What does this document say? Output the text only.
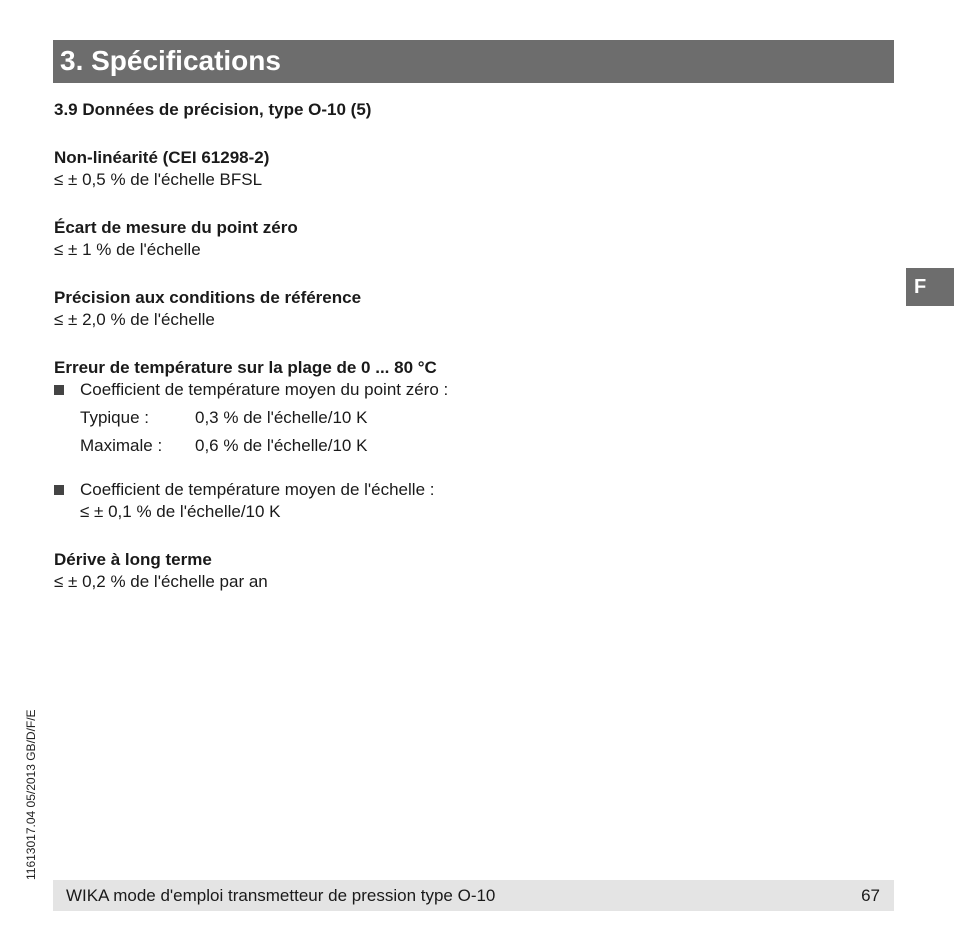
3. Spécifications

3.9 Données de précision, type O-10 (5)

Non-linéarité (CEI 61298-2)

≤ ± 0,5 % de l'échelle BFSL

Écart de mesure du point zéro

≤ ± 1 % de l'échelle

Précision aux conditions de référence

≤ ± 2,0 % de l'échelle

Erreur de température sur la plage de 0 ... 80 °C

Coefficient de température moyen du point zéro :

Typique :	0,3 % de l'échelle/10 K
Maximale :	0,6 % de l'échelle/10 K

Coefficient de température moyen de l'échelle :

≤ ± 0,1 % de l'échelle/10 K

Dérive à long terme

≤ ± 0,2 % de l'échelle par an

F
11613017.04 05/2013 GB/D/F/E
WIKA mode d'emploi transmetteur de pression type O-10	67
